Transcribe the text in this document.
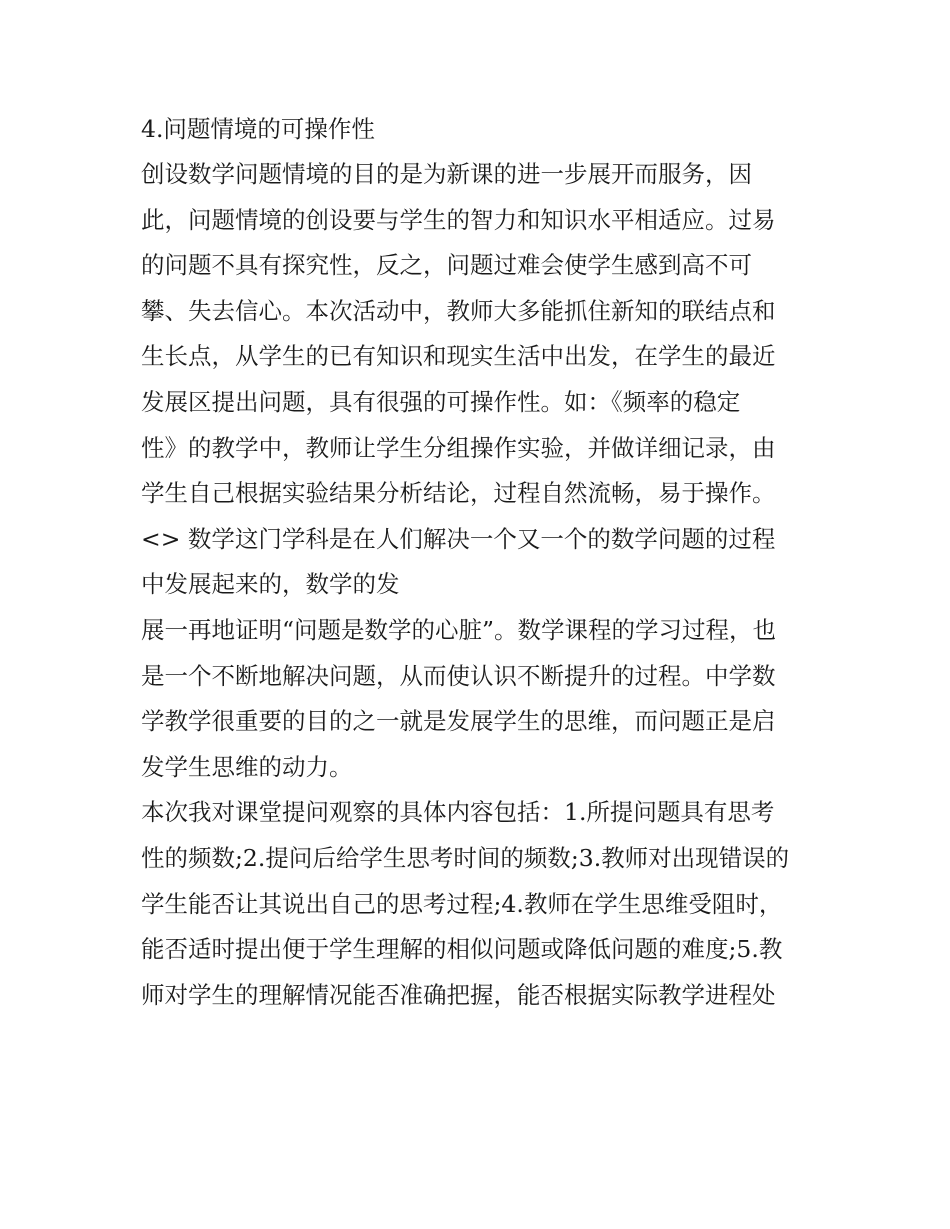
4.问题情境的可操作性
创设数学问题情境的目的是为新课的进一步展开而服务，因
此，问题情境的创设要与学生的智力和知识水平相适应。过易
的问题不具有探究性，反之，问题过难会使学生感到高不可
攀、失去信心。本次活动中，教师大多能抓住新知的联结点和
生长点，从学生的已有知识和现实生活中出发，在学生的最近
发展区提出问题，具有很强的可操作性。如：《频率的稳定
性》的教学中，教师让学生分组操作实验，并做详细记录，由
学生自己根据实验结果分析结论，过程自然流畅，易于操作。
<> 数学这门学科是在人们解决一个又一个的数学问题的过程
中发展起来的，数学的发
展一再地证明“问题是数学的心脏”。数学课程的学习过程，也
是一个不断地解决问题，从而使认识不断提升的过程。中学数
学教学很重要的目的之一就是发展学生的思维，而问题正是启
发学生思维的动力。
本次我对课堂提问观察的具体内容包括：1.所提问题具有思考
性的频数;2.提问后给学生思考时间的频数;3.教师对出现错误的
学生能否让其说出自己的思考过程;4.教师在学生思维受阻时，
能否适时提出便于学生理解的相似问题或降低问题的难度;5.教
师对学生的理解情况能否准确把握，能否根据实际教学进程处
